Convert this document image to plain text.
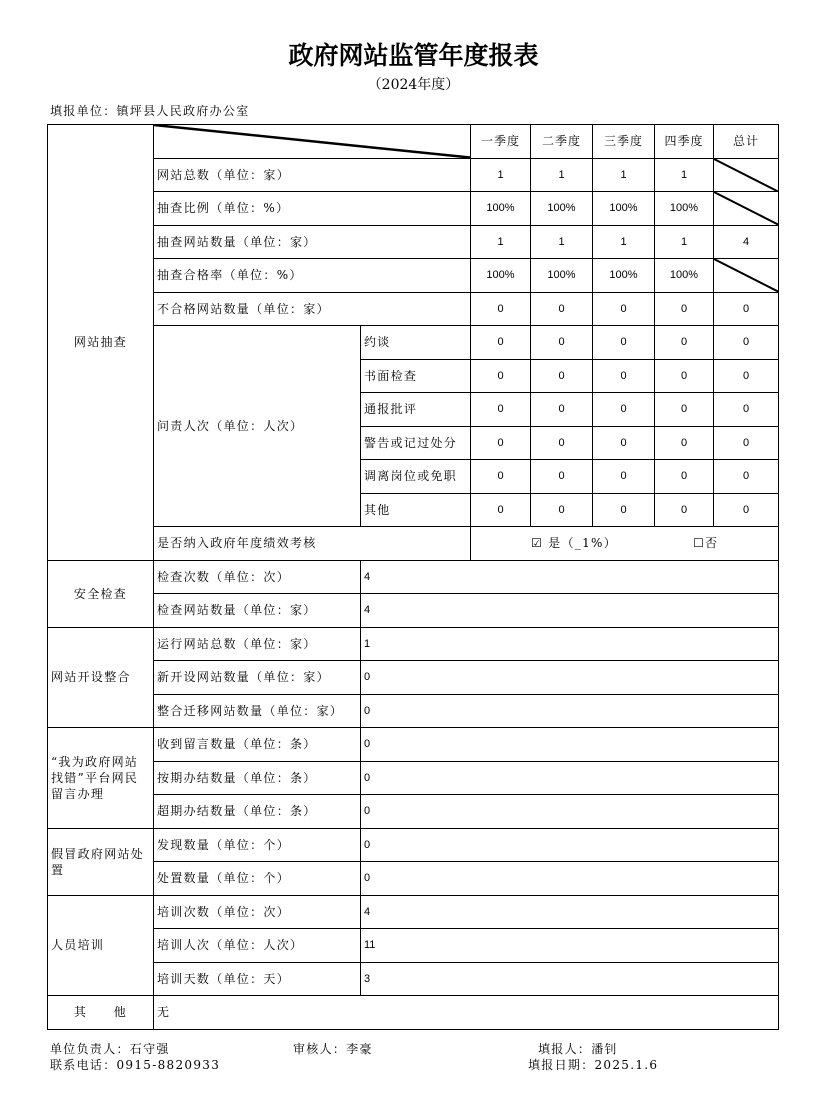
政府网站监管年度报表
（2024年度）
填报单位：镇坪县人民政府办公室
网站抽查			一季度	二季度	三季度	四季度	总计
	网站总数（单位：家）		1	1	1	1	

	抽查比例（单位：%）		100%	100%	100%	100%	

	抽查网站数量（单位：家）		1	1	1	1	4
	抽查合格率（单位：%）		100%	100%	100%	100%	

	不合格网站数量（单位：家）		0	0	0	0	0
	问责人次（单位：人次）	约谈	0	0	0	0	0
		书面检查	0	0	0	0	0
		通报批评	0	0	0	0	0
		警告或记过处分	0	0	0	0	0
		调离岗位或免职	0	0	0	0	0
		其他	0	0	0	0	0
	是否纳入政府年度绩效考核		☑ 是（_1%） ☐否				

安全检查	检查次数（单位：次）	4					
	检查网站数量（单位：家）	4					
网站开设整合	运行网站总数（单位：家）	1					
	新开设网站数量（单位：家）	0					
	整合迁移网站数量（单位：家）	0					
“我为政府网站找错”平台网民留言办理	收到留言数量（单位：条）	0					
	按期办结数量（单位：条）	0					
	超期办结数量（单位：条）	0					
假冒政府网站处置	发现数量（单位：个）	0					
	处置数量（单位：个）	0					
人员培训	培训次数（单位：次）	4					
	培训人次（单位：人次）	11					
	培训天数（单位：天）	3					
其　　他	无						
单位负责人：石守强	审核人：李豪	填报人：潘钊
联系电话：0915-8820933	填报日期：2025.1.6
